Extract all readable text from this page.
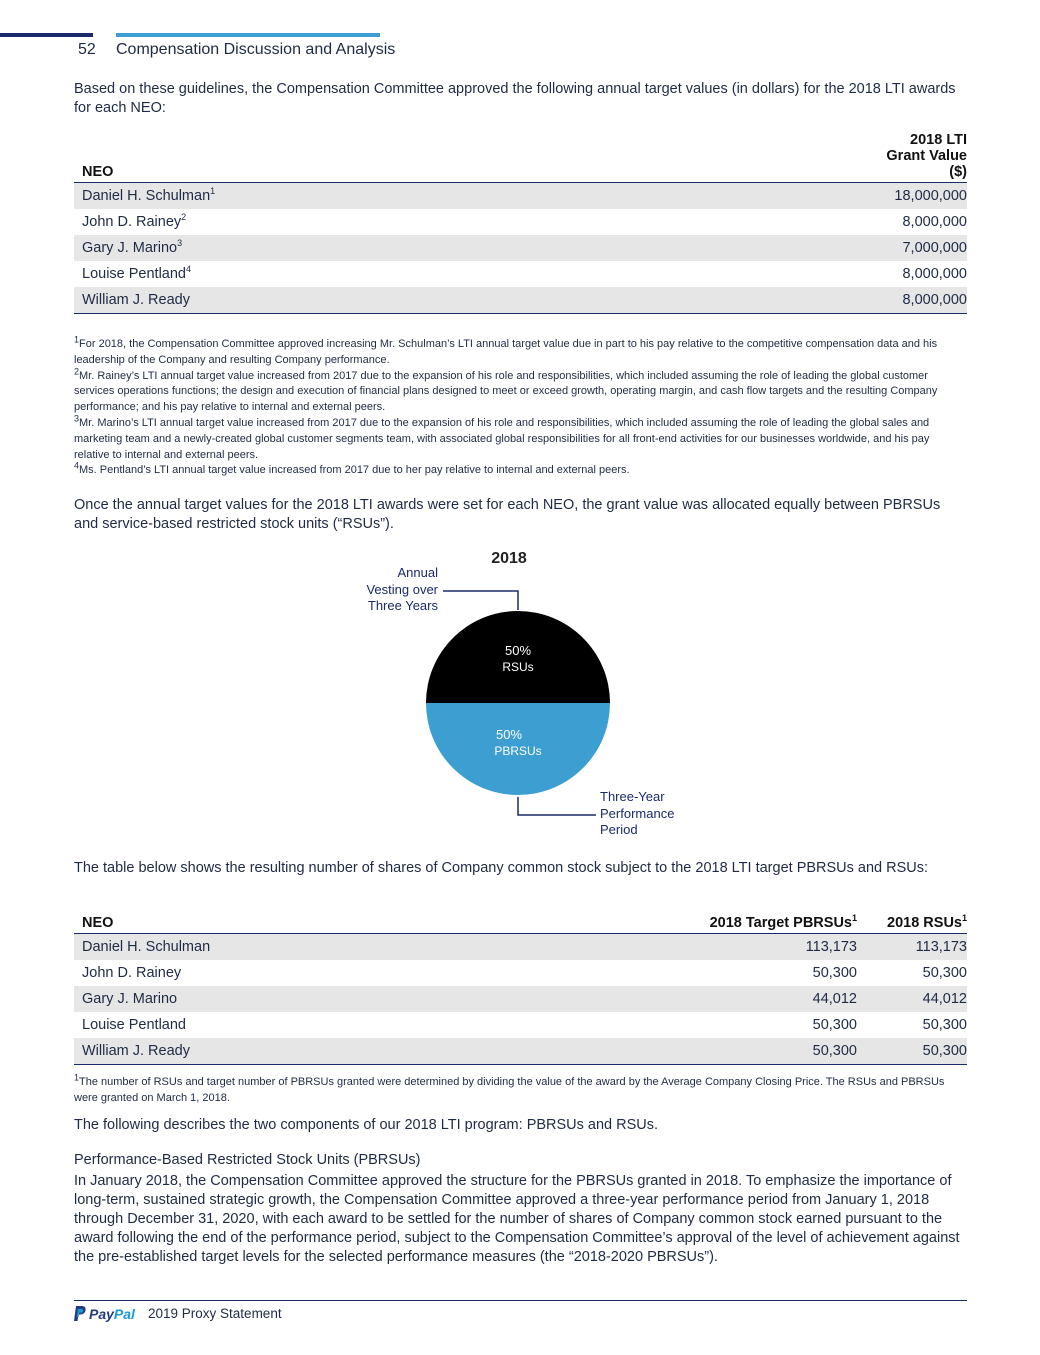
52 Compensation Discussion and Analysis
Based on these guidelines, the Compensation Committee approved the following annual target values (in dollars) for the 2018 LTI awards for each NEO:
NEO	2018 LTI
Grant Value
($)

Daniel H. Schulman$^1$	18,000,000
John D. Rainey$^2$	8,000,000
Gary J. Marino$^3$	7,000,000
Louise Pentland$^4$	8,000,000
William J. Ready	8,000,000

$^1$For 2018, the Compensation Committee approved increasing Mr. Schulman’s LTI annual target value due in part to his pay relative to the competitive compensation data and his leadership of the Company and resulting Company performance.

$^2$Mr. Rainey’s LTI annual target value increased from 2017 due to the expansion of his role and responsibilities, which included assuming the role of leading the global customer services operations functions; the design and execution of financial plans designed to meet or exceed growth, operating margin, and cash flow targets and the resulting Company performance; and his pay relative to internal and external peers.

$^3$Mr. Marino’s LTI annual target value increased from 2017 due to the expansion of his role and responsibilities, which included assuming the role of leading the global sales and marketing team and a newly-created global customer segments team, with associated global responsibilities for all front-end activities for our businesses worldwide, and his pay relative to internal and external peers.

$^4$Ms. Pentland’s LTI annual target value increased from 2017 due to her pay relative to internal and external peers.

Once the annual target values for the 2018 LTI awards were set for each NEO, the grant value was allocated equally between PBRSUs and service-based restricted stock units (“RSUs”).
2018
Annual
Vesting over
Three Years
Three-Year
Performance
Period
50%
RSUs
50%
PBRSUs
The table below shows the resulting number of shares of Company common stock subject to the 2018 LTI target PBRSUs and RSUs:
NEO	2018 Target PBRSUs$^1$	2018 RSUs$^1$
Daniel H. Schulman	113,173	113,173
John D. Rainey	50,300	50,300
Gary J. Marino	44,012	44,012
Louise Pentland	50,300	50,300
William J. Ready	50,300	50,300

$^1$The number of RSUs and target number of PBRSUs granted were determined by dividing the value of the award by the Average Company Closing Price. The RSUs and PBRSUs were granted on March 1, 2018.

The following describes the two components of our 2018 LTI program: PBRSUs and RSUs.
Performance-Based Restricted Stock Units (PBRSUs)
In January 2018, the Compensation Committee approved the structure for the PBRSUs granted in 2018. To emphasize the importance of long-term, sustained strategic growth, the Compensation Committee approved a three-year performance period from January 1, 2018 through December 31, 2020, with each award to be settled for the number of shares of Company common stock earned pursuant to the award following the end of the performance period, subject to the Compensation Committee’s approval of the level of achievement against the pre-established target levels for the selected performance measures (the “2018-2020 PBRSUs”).
PayPal 2019 Proxy Statement
